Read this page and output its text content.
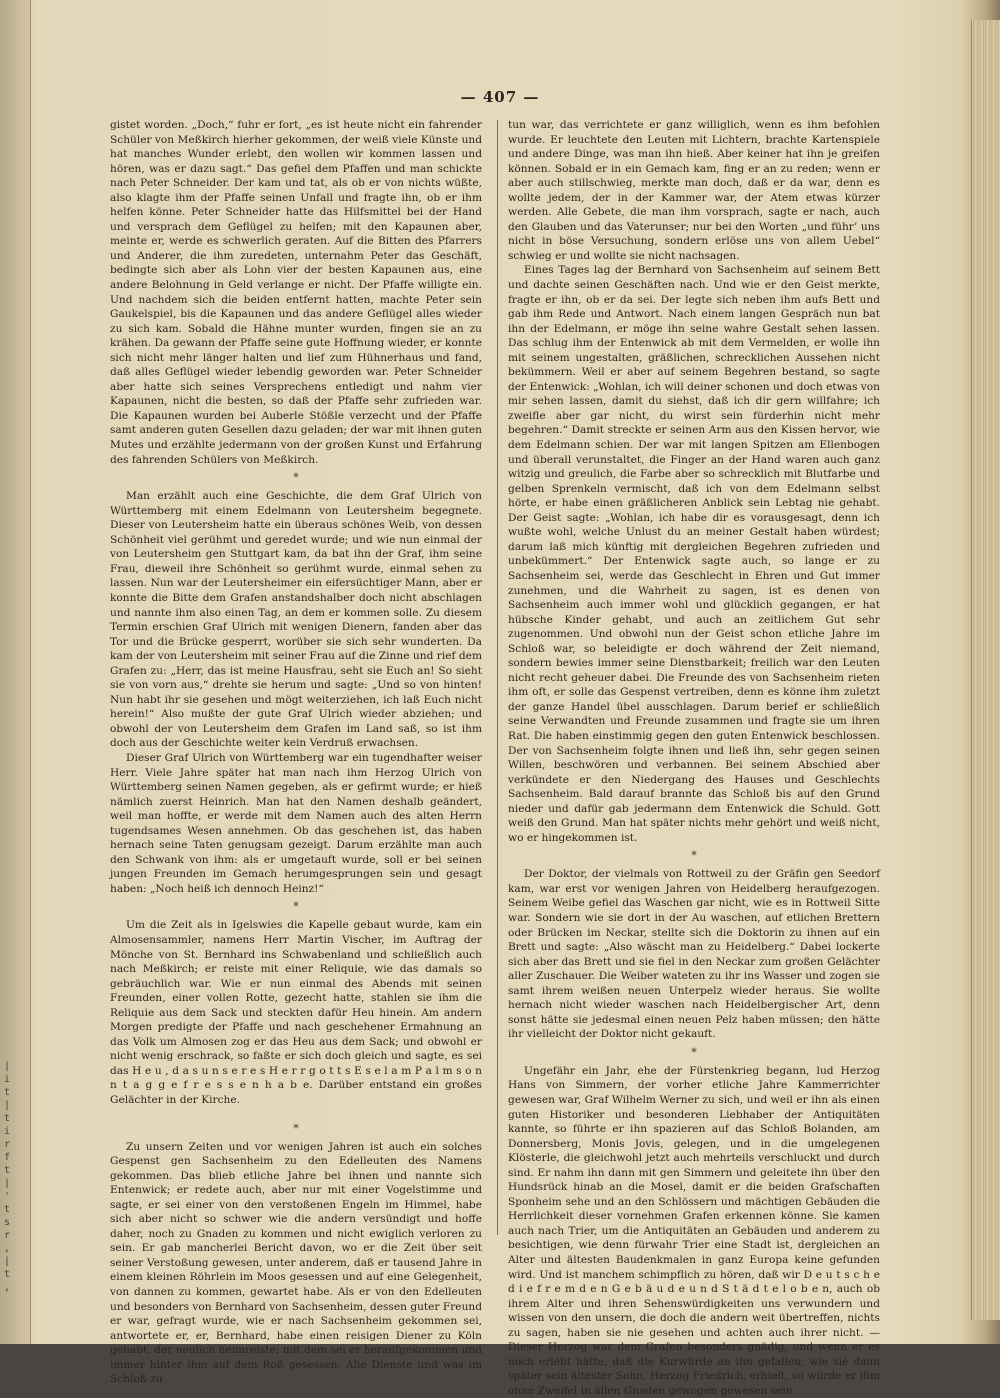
|
i
t
|
t
i
r
f
t
|
'
t
s
r
,
|
t
,
— 407 —

gistet worden. „Doch,“ fuhr er fort, „es ist heute nicht ein fahrender Schüler von Meßkirch hierher gekommen, der weiß viele Künste und hat manches Wunder erlebt, den wollen wir kommen lassen und hören, was er dazu sagt.“ Das gefiel dem Pfaffen und man schickte nach Peter Schneider. Der kam und tat, als ob er von nichts wüßte, also klagte ihm der Pfaffe seinen Unfall und fragte ihn, ob er ihm helfen könne. Peter Schneider hatte das Hilfsmittel bei der Hand und versprach dem Geflügel zu helfen; mit den Kapaunen aber, meinte er, werde es schwerlich geraten. Auf die Bitten des Pfarrers und Anderer, die ihm zuredeten, unternahm Peter das Geschäft, bedingte sich aber als Lohn vier der besten Kapaunen aus, eine andere Belohnung in Geld verlange er nicht. Der Pfaffe willigte ein. Und nachdem sich die beiden entfernt hatten, machte Peter sein Gaukelspiel, bis die Kapaunen und das andere Geflügel alles wieder zu sich kam. Sobald die Hähne munter wurden, fingen sie an zu krähen. Da gewann der Pfaffe seine gute Hoffnung wieder, er konnte sich nicht mehr länger halten und lief zum Hühnerhaus und fand, daß alles Geflügel wieder lebendig geworden war. Peter Schneider aber hatte sich seines Versprechens entledigt und nahm vier Kapaunen, nicht die besten, so daß der Pfaffe sehr zufrieden war. Die Kapaunen wurden bei Auberle Stößle verzecht und der Pfaffe samt anderen guten Gesellen dazu geladen; der war mit ihnen guten Mutes und erzählte jedermann von der großen Kunst und Erfahrung des fahrenden Schülers von Meßkirch.

*

Man erzählt auch eine Geschichte, die dem Graf Ulrich von Württemberg mit einem Edelmann von Leutersheim begegnete. Dieser von Leutersheim hatte ein überaus schönes Weib, von dessen Schönheit viel gerühmt und geredet wurde; und wie nun einmal der von Leutersheim gen Stuttgart kam, da bat ihn der Graf, ihm seine Frau, dieweil ihre Schönheit so gerühmt wurde, einmal sehen zu lassen. Nun war der Leutersheimer ein eifersüchtiger Mann, aber er konnte die Bitte dem Grafen anstandshalber doch nicht abschlagen und nannte ihm also einen Tag, an dem er kommen solle. Zu diesem Termin erschien Graf Ulrich mit wenigen Dienern, fanden aber das Tor und die Brücke gesperrt, worüber sie sich sehr wunderten. Da kam der von Leutersheim mit seiner Frau auf die Zinne und rief dem Grafen zu: „Herr, das ist meine Hausfrau, seht sie Euch an! So sieht sie von vorn aus,“ drehte sie herum und sagte: „Und so von hinten! Nun habt ihr sie gesehen und mögt weiterziehen, ich laß Euch nicht herein!“ Also mußte der gute Graf Ulrich wieder abziehen; und obwohl der von Leutersheim dem Grafen im Land saß, so ist ihm doch aus der Geschichte weiter kein Verdruß erwachsen.

Dieser Graf Ulrich von Württemberg war ein tugendhafter weiser Herr. Viele Jahre später hat man nach ihm Herzog Ulrich von Württemberg seinen Namen gegeben, als er gefirmt wurde; er hieß nämlich zuerst Heinrich. Man hat den Namen deshalb geändert, weil man hoffte, er werde mit dem Namen auch des alten Herrn tugendsames Wesen annehmen. Ob das geschehen ist, das haben hernach seine Taten genugsam gezeigt. Darum erzählte man auch den Schwank von ihm: als er umgetauft wurde, soll er bei seinen jungen Freunden im Gemach herumgesprungen sein und gesagt haben: „Noch heiß ich dennoch Heinz!“

*

Um die Zeit als in Igelswies die Kapelle gebaut wurde, kam ein Almosensammler, namens Herr Martin Vischer, im Auftrag der Mönche von St. Bernhard ins Schwabenland und schließlich auch nach Meßkirch; er reiste mit einer Reliquie, wie das damals so gebräuchlich war. Wie er nun einmal des Abends mit seinen Freunden, einer vollen Rotte, gezecht hatte, stahlen sie ihm die Reliquie aus dem Sack und steckten dafür Heu hinein. Am andern Morgen predigte der Pfaffe und nach geschehener Ermahnung an das Volk um Almosen zog er das Heu aus dem Sack; und obwohl er nicht wenig erschrack, so faßte er sich doch gleich und sagte, es sei das H e u , d a s u n s e r e s H e r r g o t t s E s e l a m P a l m s o n n t a g g e f r e s s e n h a b e. Darüber entstand ein großes Gelächter in der Kirche.

*

Zu unsern Zeiten und vor wenigen Jahren ist auch ein solches Gespenst gen Sachsenheim zu den Edelleuten des Namens gekommen. Das blieb etliche Jahre bei ihnen und nannte sich Entenwick; er redete auch, aber nur mit einer Vogelstimme und sagte, er sei einer von den verstoßenen Engeln im Himmel, habe sich aber nicht so schwer wie die andern versündigt und hoffe daher, noch zu Gnaden zu kommen und nicht ewiglich verloren zu sein. Er gab mancherlei Bericht davon, wo er die Zeit über seit seiner Verstoßung gewesen, unter anderem, daß er tausend Jahre in einem kleinen Röhrlein im Moos gesessen und auf eine Gelegenheit, von dannen zu kommen, gewartet habe. Als er von den Edelleuten und besonders von Bernhard von Sachsenheim, dessen guter Freund er war, gefragt wurde, wie er nach Sachsenheim gekommen sei, antwortete er, er, Bernhard, habe einen reisigen Diener zu Köln gehabt, der neulich heimreiste; mit dem sei er heraufgekommen und immer hinter ihm auf dem Roß gesessen. Alle Dienste und was im Schloß zu

tun war, das verrichtete er ganz williglich, wenn es ihm befohlen wurde. Er leuchtete den Leuten mit Lichtern, brachte Kartenspiele und andere Dinge, was man ihn hieß. Aber keiner hat ihn je greifen können. Sobald er in ein Gemach kam, fing er an zu reden; wenn er aber auch stillschwieg, merkte man doch, daß er da war, denn es wollte jedem, der in der Kammer war, der Atem etwas kürzer werden. Alle Gebete, die man ihm vorsprach, sagte er nach, auch den Glauben und das Vaterunser; nur bei den Worten „und führ’ uns nicht in böse Versuchung, sondern erlöse uns von allem Uebel“ schwieg er und wollte sie nicht nachsagen.

Eines Tages lag der Bernhard von Sachsenheim auf seinem Bett und dachte seinen Geschäften nach. Und wie er den Geist merkte, fragte er ihn, ob er da sei. Der legte sich neben ihm aufs Bett und gab ihm Rede und Antwort. Nach einem langen Gespräch nun bat ihn der Edelmann, er möge ihn seine wahre Gestalt sehen lassen. Das schlug ihm der Entenwick ab mit dem Vermelden, er wolle ihn mit seinem ungestalten, gräßlichen, schrecklichen Aussehen nicht bekümmern. Weil er aber auf seinem Begehren bestand, so sagte der Entenwick: „Wohlan, ich will deiner schonen und doch etwas von mir sehen lassen, damit du siehst, daß ich dir gern willfahre; ich zweifle aber gar nicht, du wirst sein fürderhin nicht mehr begehren.“ Damit streckte er seinen Arm aus den Kissen hervor, wie dem Edelmann schien. Der war mit langen Spitzen am Ellenbogen und überall verunstaltet, die Finger an der Hand waren auch ganz witzig und greulich, die Farbe aber so schrecklich mit Blutfarbe und gelben Sprenkeln vermischt, daß ich von dem Edelmann selbst hörte, er habe einen gräßlicheren Anblick sein Lebtag nie gehabt. Der Geist sagte: „Wohlan, ich habe dir es vorausgesagt, denn ich wußte wohl, welche Unlust du an meiner Gestalt haben würdest; darum laß mich künftig mit dergleichen Begehren zufrieden und unbekümmert.“ Der Entenwick sagte auch, so lange er zu Sachsenheim sei, werde das Geschlecht in Ehren und Gut immer zunehmen, und die Wahrheit zu sagen, ist es denen von Sachsenheim auch immer wohl und glücklich gegangen, er hat hübsche Kinder gehabt, und auch an zeitlichem Gut sehr zugenommen. Und obwohl nun der Geist schon etliche Jahre im Schloß war, so beleidigte er doch während der Zeit niemand, sondern bewies immer seine Dienstbarkeit; freilich war den Leuten nicht recht geheuer dabei. Die Freunde des von Sachsenheim rieten ihm oft, er solle das Gespenst vertreiben, denn es könne ihm zuletzt der ganze Handel übel ausschlagen. Darum berief er schließlich seine Verwandten und Freunde zusammen und fragte sie um ihren Rat. Die haben einstimmig gegen den guten Entenwick beschlossen. Der von Sachsenheim folgte ihnen und ließ ihn, sehr gegen seinen Willen, beschwören und verbannen. Bei seinem Abschied aber verkündete er den Niedergang des Hauses und Geschlechts Sachsenheim. Bald darauf brannte das Schloß bis auf den Grund nieder und dafür gab jedermann dem Entenwick die Schuld. Gott weiß den Grund. Man hat später nichts mehr gehört und weiß nicht, wo er hingekommen ist.

*

Der Doktor, der vielmals von Rottweil zu der Gräfin gen Seedorf kam, war erst vor wenigen Jahren von Heidelberg heraufgezogen. Seinem Weibe gefiel das Waschen gar nicht, wie es in Rottweil Sitte war. Sondern wie sie dort in der Au waschen, auf etlichen Brettern oder Brücken im Neckar, stellte sich die Doktorin zu ihnen auf ein Brett und sagte: „Also wäscht man zu Heidelberg.“ Dabei lockerte sich aber das Brett und sie fiel in den Neckar zum großen Gelächter aller Zuschauer. Die Weiber wateten zu ihr ins Wasser und zogen sie samt ihrem weißen neuen Unterpelz wieder heraus. Sie wollte hernach nicht wieder waschen nach Heidelbergischer Art, denn sonst hätte sie jedesmal einen neuen Pelz haben müssen; den hätte ihr vielleicht der Doktor nicht gekauft.

*

Ungefähr ein Jahr, ehe der Fürstenkrieg begann, lud Herzog Hans von Simmern, der vorher etliche Jahre Kammerrichter gewesen war, Graf Wilhelm Werner zu sich, und weil er ihn als einen guten Historiker und besonderen Liebhaber der Antiquitäten kannte, so führte er ihn spazieren auf das Schloß Bolanden, am Donnersberg, Monis Jovis, gelegen, und in die umgelegenen Klösterle, die gleichwohl jetzt auch mehrteils verschluckt und durch sind. Er nahm ihn dann mit gen Simmern und geleitete ihn über den Hundsrück hinab an die Mosel, damit er die beiden Grafschaften Sponheim sehe und an den Schlössern und mächtigen Gebäuden die Herrlichkeit dieser vornehmen Grafen erkennen könne. Sie kamen auch nach Trier, um die Antiquitäten an Gebäuden und anderem zu besichtigen, wie denn fürwahr Trier eine Stadt ist, dergleichen an Alter und ältesten Baudenkmalen in ganz Europa keine gefunden wird. Und ist manchem schimpflich zu hören, daß wir D e u t s c h e d i e f r e m d e n G e b ä u d e u n d S t ä d t e l o b e n, auch ob ihrem Alter und ihren Sehenswürdigkeiten uns verwundern und wissen von den unsern, die doch die andern weit übertreffen, nichts zu sagen, haben sie nie gesehen und achten auch ihrer nicht. — Dieser Herzog war dem Grafen besonders gnädig, und wenn er es noch erlebt hätte, daß die Kurwürde an ihn gefallen, wie sie dann später sein ältester Sohn, Herzog Friedrich, erhielt, so würde er ihm ohne Zweifel in allen Gnaden gewogen gewesen sein.
